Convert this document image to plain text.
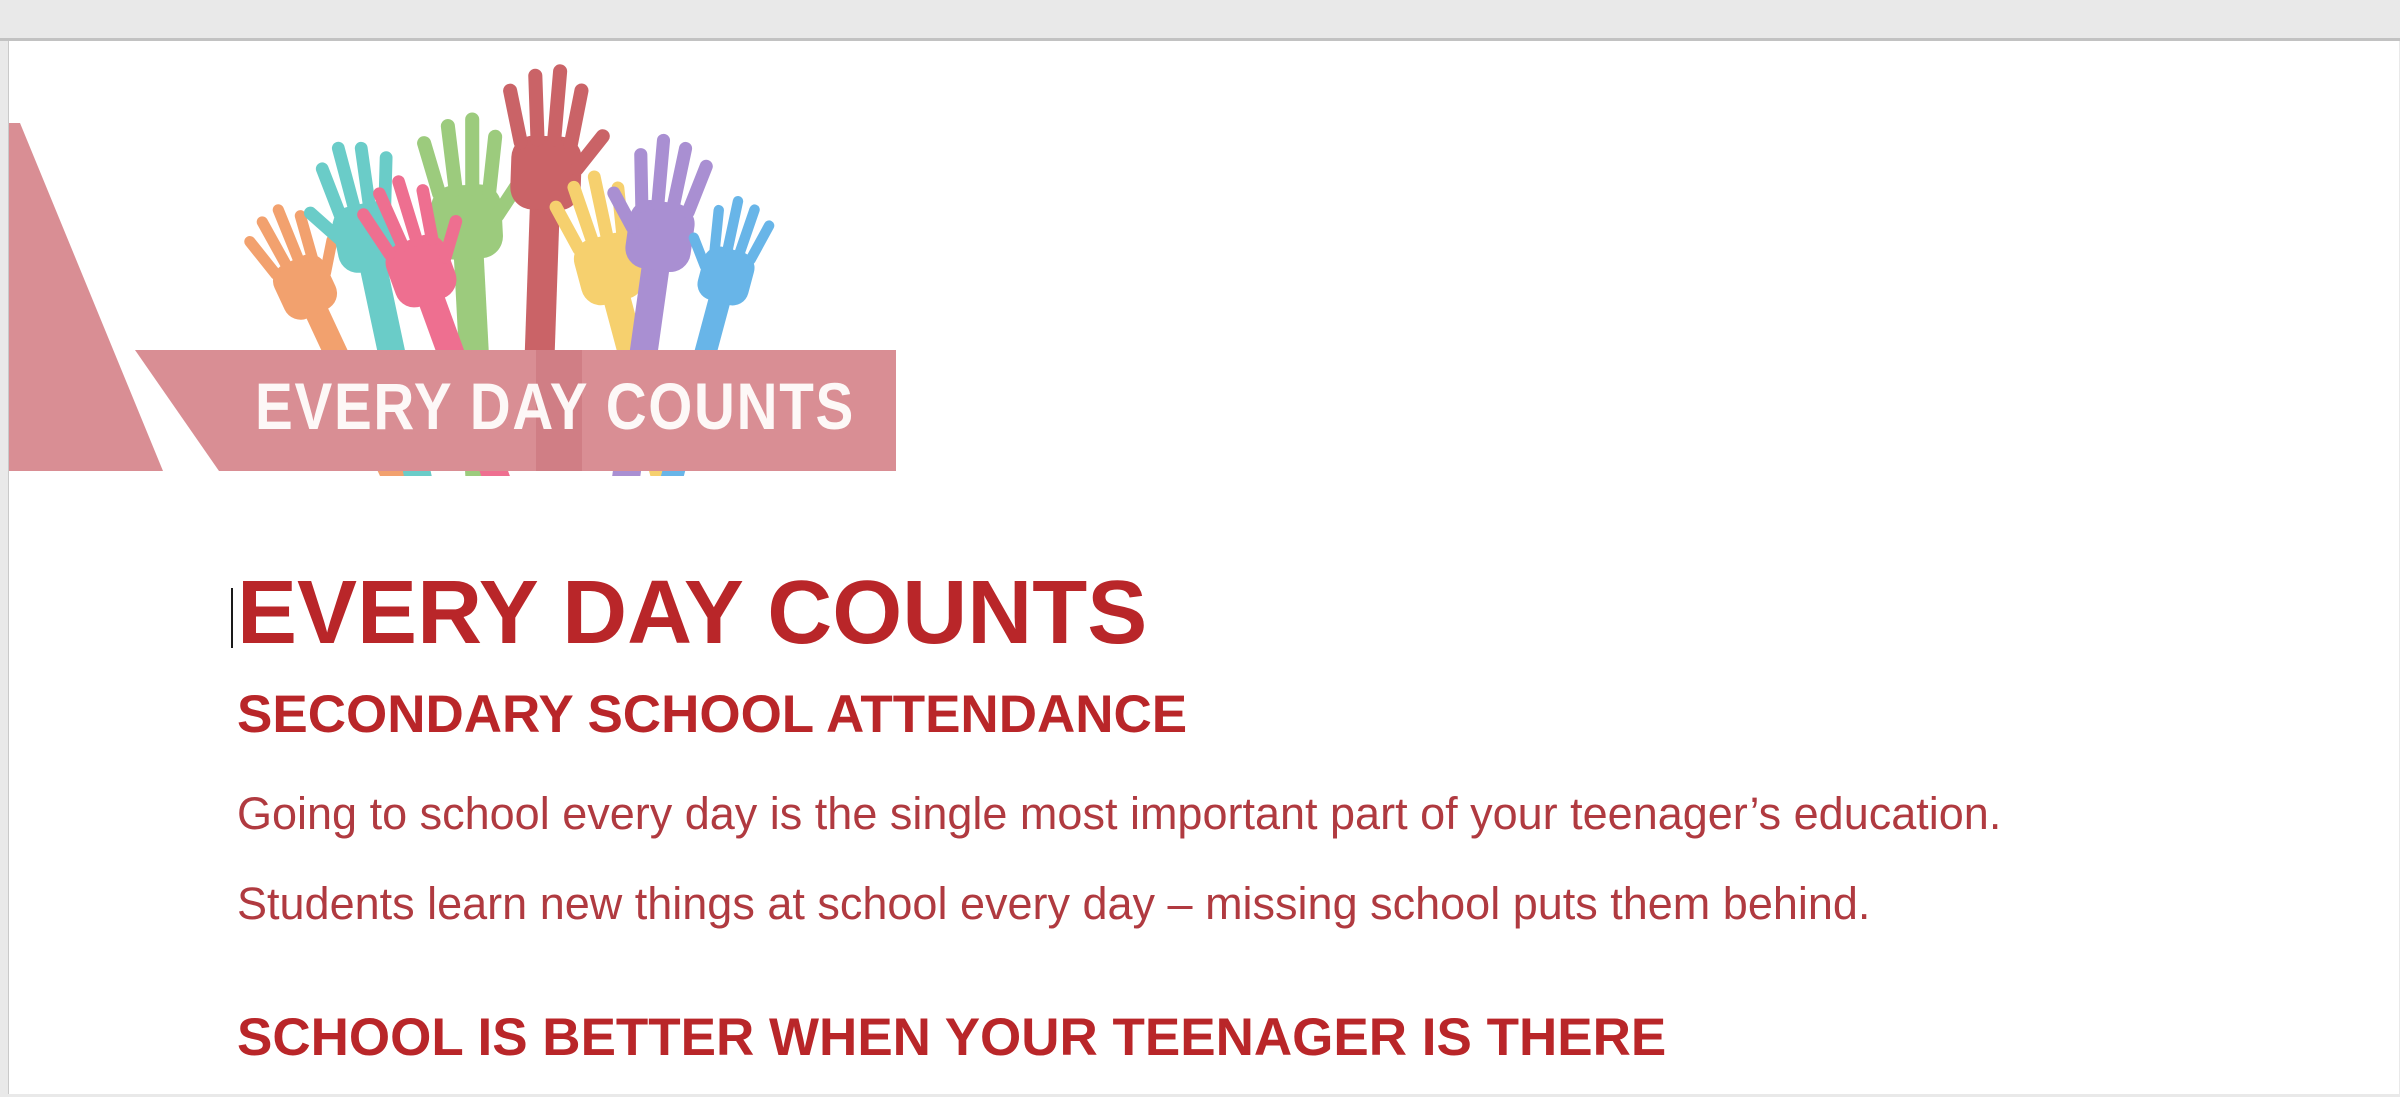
EVERY DAY COUNTS
EVERY DAY COUNTS
SECONDARY SCHOOL ATTENDANCE

Going to school every day is the single most important part of your teenager’s education.

Students learn new things at school every day – missing school puts them behind.

SCHOOL IS BETTER WHEN YOUR TEENAGER IS THERE
